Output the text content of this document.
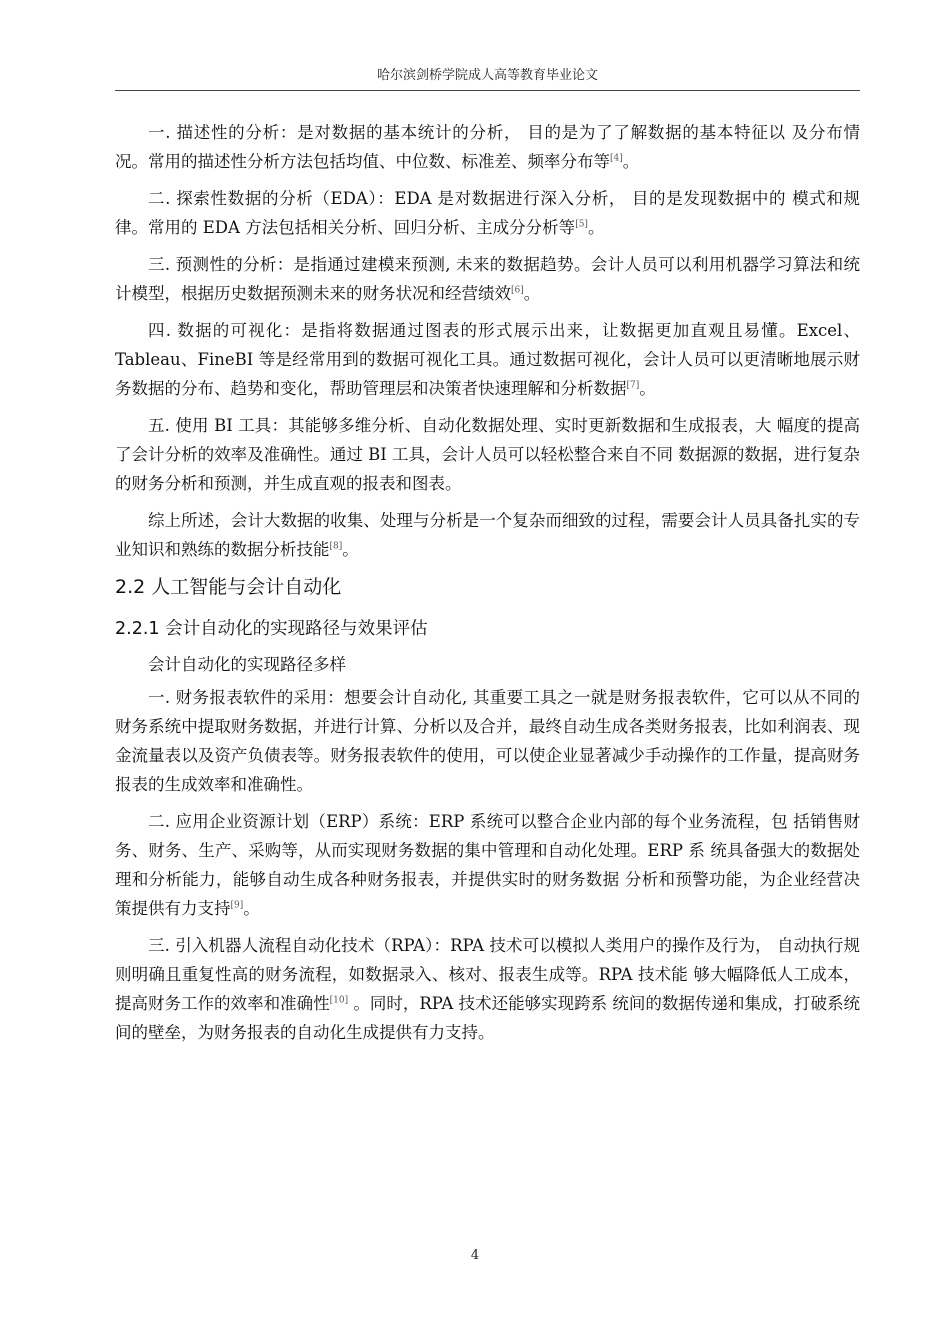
哈尔滨剑桥学院成人高等教育毕业论文

一. 描述性的分析：是对数据的基本统计的分析， 目的是为了了解数据的基本特征以 及分布情况。常用的描述性分析方法包括均值、中位数、标准差、频率分布等[4]。

二. 探索性数据的分析（EDA）：EDA 是对数据进行深入分析， 目的是发现数据中的 模式和规律。常用的 EDA 方法包括相关分析、回归分析、主成分分析等[5]。

三. 预测性的分析：是指通过建模来预测, 未来的数据趋势。会计人员可以利用机器学习算法和统计模型，根据历史数据预测未来的财务状况和经营绩效[6]。

四. 数据的可视化：是指将数据通过图表的形式展示出来，让数据更加直观且易懂。Excel、Tableau、FineBI 等是经常用到的数据可视化工具。通过数据可视化，会计人员可以更清晰地展示财务数据的分布、趋势和变化，帮助管理层和决策者快速理解和分析数据[7]。

五. 使用 BI 工具：其能够多维分析、自动化数据处理、实时更新数据和生成报表，大 幅度的提高了会计分析的效率及准确性。通过 BI 工具，会计人员可以轻松整合来自不同 数据源的数据，进行复杂的财务分析和预测，并生成直观的报表和图表。

综上所述，会计大数据的收集、处理与分析是一个复杂而细致的过程，需要会计人员具备扎实的专业知识和熟练的数据分析技能[8]。

2.2 人工智能与会计自动化
2.2.1 会计自动化的实现路径与效果评估

会计自动化的实现路径多样

一. 财务报表软件的采用：想要会计自动化, 其重要工具之一就是财务报表软件，它可以从不同的财务系统中提取财务数据，并进行计算、分析以及合并，最终自动生成各类财务报表，比如利润表、现金流量表以及资产负债表等。财务报表软件的使用，可以使企业显著减少手动操作的工作量，提高财务报表的生成效率和准确性。

二. 应用企业资源计划（ERP）系统：ERP 系统可以整合企业内部的每个业务流程，包 括销售财务、财务、生产、采购等，从而实现财务数据的集中管理和自动化处理。ERP 系 统具备强大的数据处理和分析能力，能够自动生成各种财务报表，并提供实时的财务数据 分析和预警功能，为企业经营决策提供有力支持[9]。

三. 引入机器人流程自动化技术（RPA）：RPA 技术可以模拟人类用户的操作及行为， 自动执行规则明确且重复性高的财务流程，如数据录入、核对、报表生成等。RPA 技术能 够大幅降低人工成本，提高财务工作的效率和准确性[10] 。同时，RPA 技术还能够实现跨系 统间的数据传递和集成，打破系统间的壁垒，为财务报表的自动化生成提供有力支持。

4
